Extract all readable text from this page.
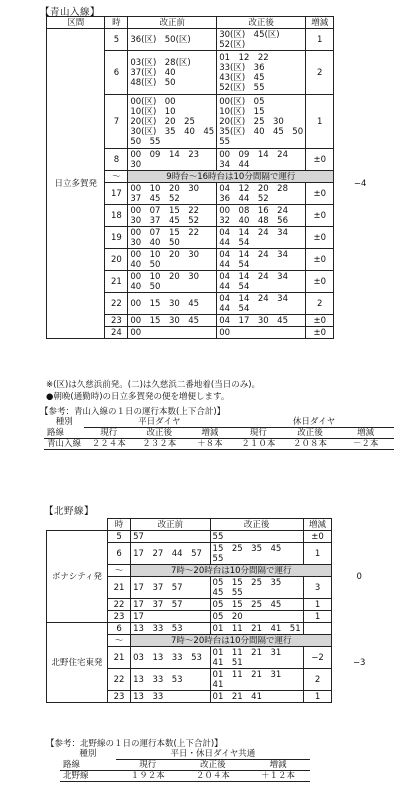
【青山入線】
区間	時	改正前	改正後	増減	
日立多賀発	5	36(区)　50(区)	30(区)　45(区)
52(区)	1	−4
	6	03(区)　28(区)
37(区)　40
48(区)　50	01　12　22
33(区)　36
43(区)　45
52(区)　55	2	
	7	00(区)　00
10(区)　10
20(区)　20　25
30(区)　35　40　45
50　55	00(区)　05
10(区)　15
20(区)　25　30
35(区)　40　45　50
55	1	
	8	00　09　14　23
30	00　09　14　24
34　44	±0	
	～	9時台～16時台は10分間隔で運行			
	17	00　10　20　30
37　45　52	04　12　20　28
36　44　52	±0	
	18	00　07　15　22
30　37　45　52	00　08　16　24
32　40　48　56	±0	
	19	00　07　15　22
30　40　50	04　14　24　34
44　54	±0	
	20	00　10　20　30
40　50	04　14　24　34
44　54	±0	
	21	00　10　20　30
40　50	04　14　24　34
44　54	±0	
	22	00　15　30　45	04　14　24　34
44　54	2	
	23	00　15　30　45	04　17　30　45	±0	
	24	00	00	±0	
※(区)は久慈浜前発。(二)は久慈浜二番地着(当日のみ)。
●朝晩(通勤時)の日立多賀発の便を増便します。
【参考：青山入線の１日の運行本数(上下合計)】
種別	平日ダイヤ			休日ダイヤ		
路線	現行	改正後	増減	現行	改正後	増減
青山入線	２２４本	２３２本	＋８本	２１０本	２０８本	－２本
【北野線】
	時	改正前	改正後	増減	
ボナシティ発	5	57	55	±0	0
	6	17　27　44　57	15　25　35　45
55	1	
	～	7時～20時台は10分間隔で運行			
	21	17　37　57	05　15　25　35
45　55	3	
	22	17　37　57	05　15　25　45	1	
	23	17	05　20	1	
北野住宅東発	6	13　33　53	01　11　21　41　51		−3
	～	7時～20時台は10分間隔で運行			
	21	03　13　33　53	01　11　21　31
41　51	−2	
	22	13　33　53	01　11　21　31
41	2	
	23	13　33	01　21　41	1	
【参考：北野線の１日の運行本数(上下合計)】
種別	平日・休日ダイヤ共通		
路線	現行	改正後	増減
北野線	１９２本	２０４本	＋１２本
